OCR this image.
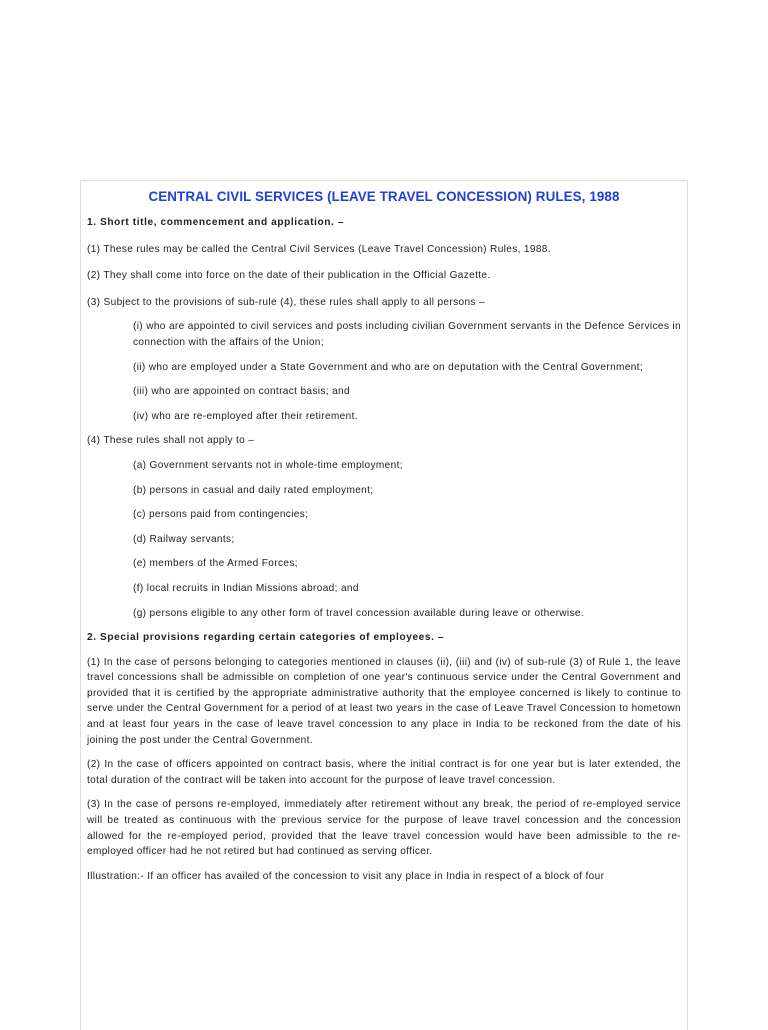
CENTRAL CIVIL SERVICES (LEAVE TRAVEL CONCESSION) RULES, 1988

1. Short title, commencement and application. –

(1) These rules may be called the Central Civil Services (Leave Travel Concession) Rules, 1988.

(2) They shall come into force on the date of their publication in the Official Gazette.

(3) Subject to the provisions of sub-rule (4), these rules shall apply to all persons –

(i) who are appointed to civil services and posts including civilian Government servants in the Defence Services in connection with the affairs of the Union;

(ii) who are employed under a State Government and who are on deputation with the Central Government;

(iii) who are appointed on contract basis; and

(iv) who are re-employed after their retirement.

(4) These rules shall not apply to –

(a) Government servants not in whole-time employment;

(b) persons in casual and daily rated employment;

(c) persons paid from contingencies;

(d) Railway servants;

(e) members of the Armed Forces;

(f) local recruits in Indian Missions abroad; and

(g) persons eligible to any other form of travel concession available during leave or otherwise.

2. Special provisions regarding certain categories of employees. –

(1) In the case of persons belonging to categories mentioned in clauses (ii), (iii) and (iv) of sub-rule (3) of Rule 1, the leave travel concessions shall be admissible on completion of one year's continuous service under the Central Government and provided that it is certified by the appropriate administrative authority that the employee concerned is likely to continue to serve under the Central Government for a period of at least two years in the case of Leave Travel Concession to hometown and at least four years in the case of leave travel concession to any place in India to be reckoned from the date of his joining the post under the Central Government.

(2) In the case of officers appointed on contract basis, where the initial contract is for one year but is later extended, the total duration of the contract will be taken into account for the purpose of leave travel concession.

(3) In the case of persons re-employed, immediately after retirement without any break, the period of re-employed service will be treated as continuous with the previous service for the purpose of leave travel concession and the concession allowed for the re-employed period, provided that the leave travel concession would have been admissible to the re-employed officer had he not retired but had continued as serving officer.

Illustration:- If an officer has availed of the concession to visit any place in India in respect of a block of four
